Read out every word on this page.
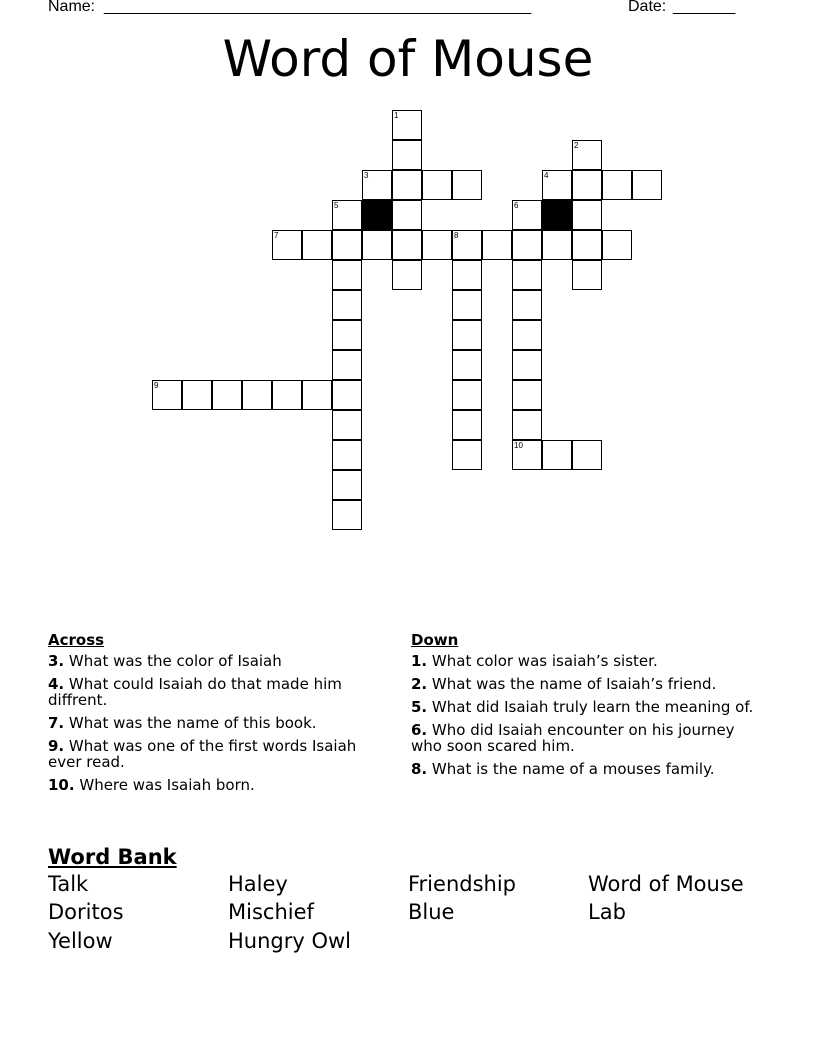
Name: ________________________________________________	Date: _______
Word of Mouse
1
2
3	4
5	6
10
7	8
9
Across
3. What was the color of Isaiah
4. What could Isaiah do that made him diffrent.
7. What was the name of this book.
9. What was one of the first words Isaiah ever read.
10. Where was Isaiah born.
Down
1. What color was isaiah’s sister.
2. What was the name of Isaiah’s friend.
5. What did Isaiah truly learn the meaning of.
6. Who did Isaiah encounter on his journey who soon scared him.
8. What is the name of a mouses family.
Word Bank
Talk	Haley	Friendship	Word of Mouse
Doritos	Mischief	Blue	Lab
Yellow	Hungry Owl
